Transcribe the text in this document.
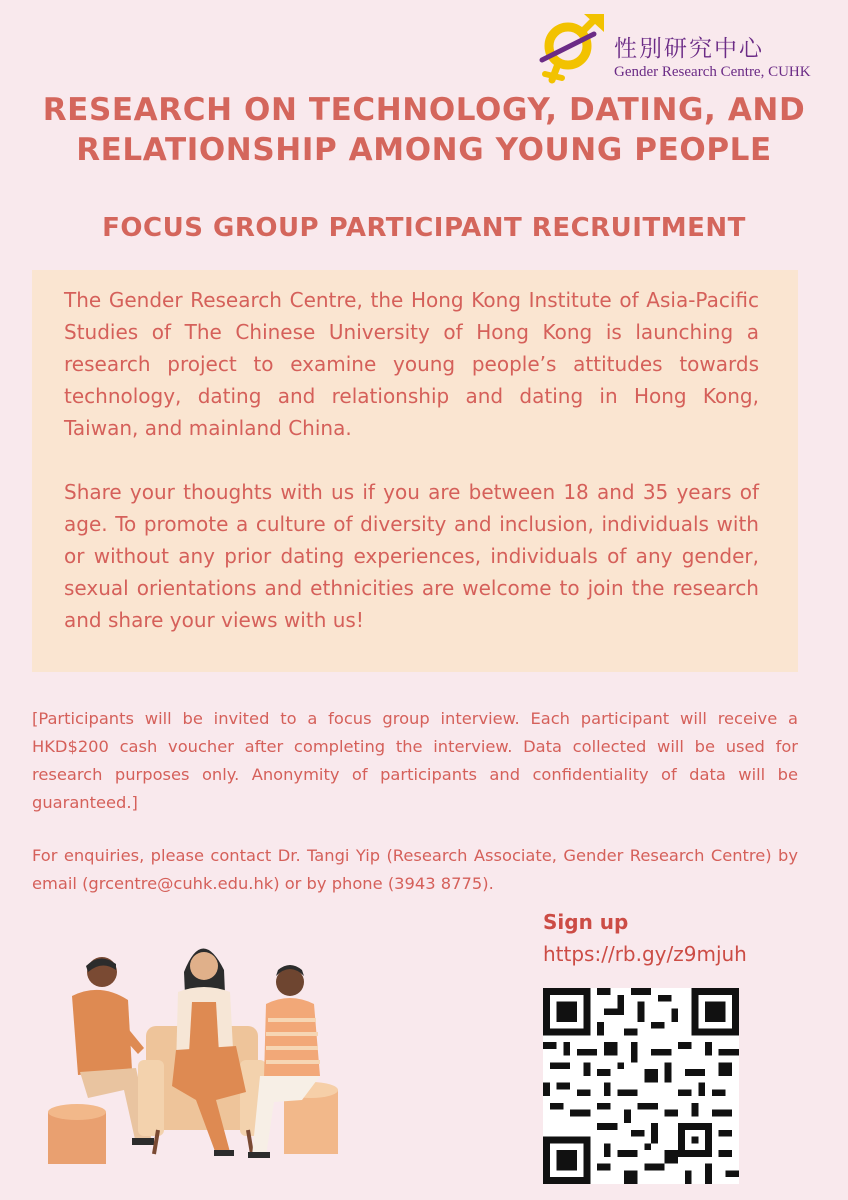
性別研究中心
Gender Research Centre, CUHK
RESEARCH ON TECHNOLOGY, DATING, AND RELATIONSHIP AMONG YOUNG PEOPLE
FOCUS GROUP PARTICIPANT RECRUITMENT
The Gender Research Centre, the Hong Kong Institute of Asia-Pacific Studies of The Chinese University of Hong Kong is launching a research project to examine young people’s attitudes towards technology, dating and relationship and dating in Hong Kong, Taiwan, and mainland China.
Share your thoughts with us if you are between 18 and 35 years of age. To promote a culture of diversity and inclusion, individuals with or without any prior dating experiences, individuals of any gender, sexual orientations and ethnicities are welcome to join the research and share your views with us!
[Participants will be invited to a focus group interview. Each participant will receive a HKD$200 cash voucher after completing the interview. Data collected will be used for research purposes only. Anonymity of participants and confidentiality of data will be guaranteed.]
For enquiries, please contact Dr. Tangi Yip (Research Associate, Gender Research Centre) by email (grcentre@cuhk.edu.hk) or by phone (3943 8775).
Sign up
https://rb.gy/z9mjuh
